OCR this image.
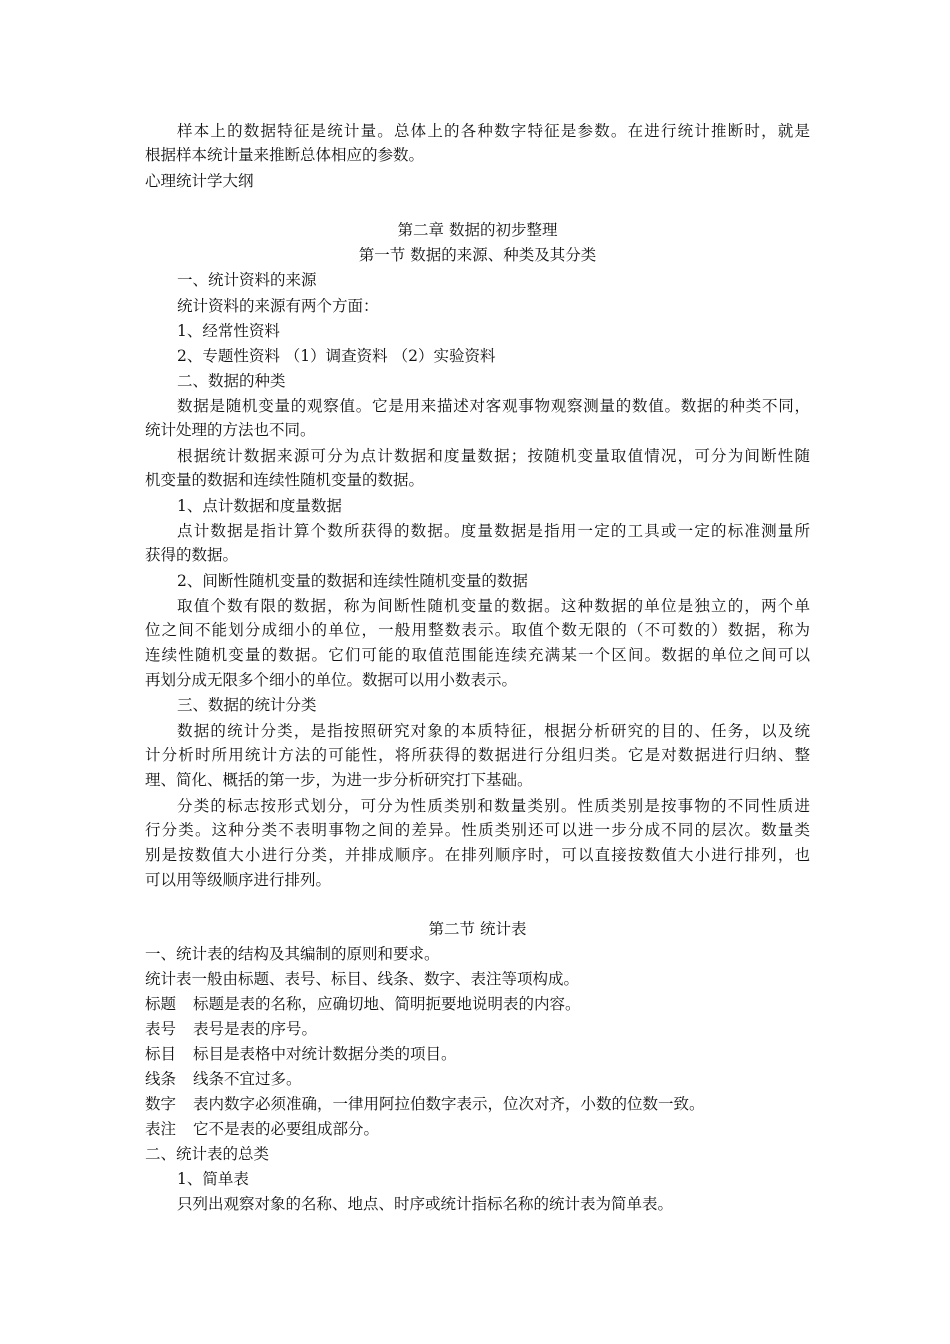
样本上的数据特征是统计量。总体上的各种数字特征是参数。在进行统计推断时，就是
根据样本统计量来推断总体相应的参数。
心理统计学大纲
第二章 数据的初步整理
第一节 数据的来源、种类及其分类
一、统计资料的来源
统计资料的来源有两个方面：
1、经常性资料
2、专题性资料 （1）调查资料 （2）实验资料
二、数据的种类
数据是随机变量的观察值。它是用来描述对客观事物观察测量的数值。数据的种类不同，
统计处理的方法也不同。
根据统计数据来源可分为点计数据和度量数据；按随机变量取值情况，可分为间断性随
机变量的数据和连续性随机变量的数据。
1、点计数据和度量数据
点计数据是指计算个数所获得的数据。度量数据是指用一定的工具或一定的标准测量所
获得的数据。
2、间断性随机变量的数据和连续性随机变量的数据
取值个数有限的数据，称为间断性随机变量的数据。这种数据的单位是独立的，两个单
位之间不能划分成细小的单位，一般用整数表示。取值个数无限的（不可数的）数据，称为
连续性随机变量的数据。它们可能的取值范围能连续充满某一个区间。数据的单位之间可以
再划分成无限多个细小的单位。数据可以用小数表示。
三、数据的统计分类
数据的统计分类，是指按照研究对象的本质特征，根据分析研究的目的、任务，以及统
计分析时所用统计方法的可能性，将所获得的数据进行分组归类。它是对数据进行归纳、整
理、简化、概括的第一步，为进一步分析研究打下基础。
分类的标志按形式划分，可分为性质类别和数量类别。性质类别是按事物的不同性质进
行分类。这种分类不表明事物之间的差异。性质类别还可以进一步分成不同的层次。数量类
别是按数值大小进行分类，并排成顺序。在排列顺序时，可以直接按数值大小进行排列，也
可以用等级顺序进行排列。
第二节 统计表
一、统计表的结构及其编制的原则和要求。
统计表一般由标题、表号、标目、线条、数字、表注等项构成。
标题 标题是表的名称，应确切地、简明扼要地说明表的内容。
表号 表号是表的序号。
标目 标目是表格中对统计数据分类的项目。
线条 线条不宜过多。
数字 表内数字必须准确，一律用阿拉伯数字表示，位次对齐，小数的位数一致。
表注 它不是表的必要组成部分。
二、统计表的总类
1、简单表
只列出观察对象的名称、地点、时序或统计指标名称的统计表为简单表。
